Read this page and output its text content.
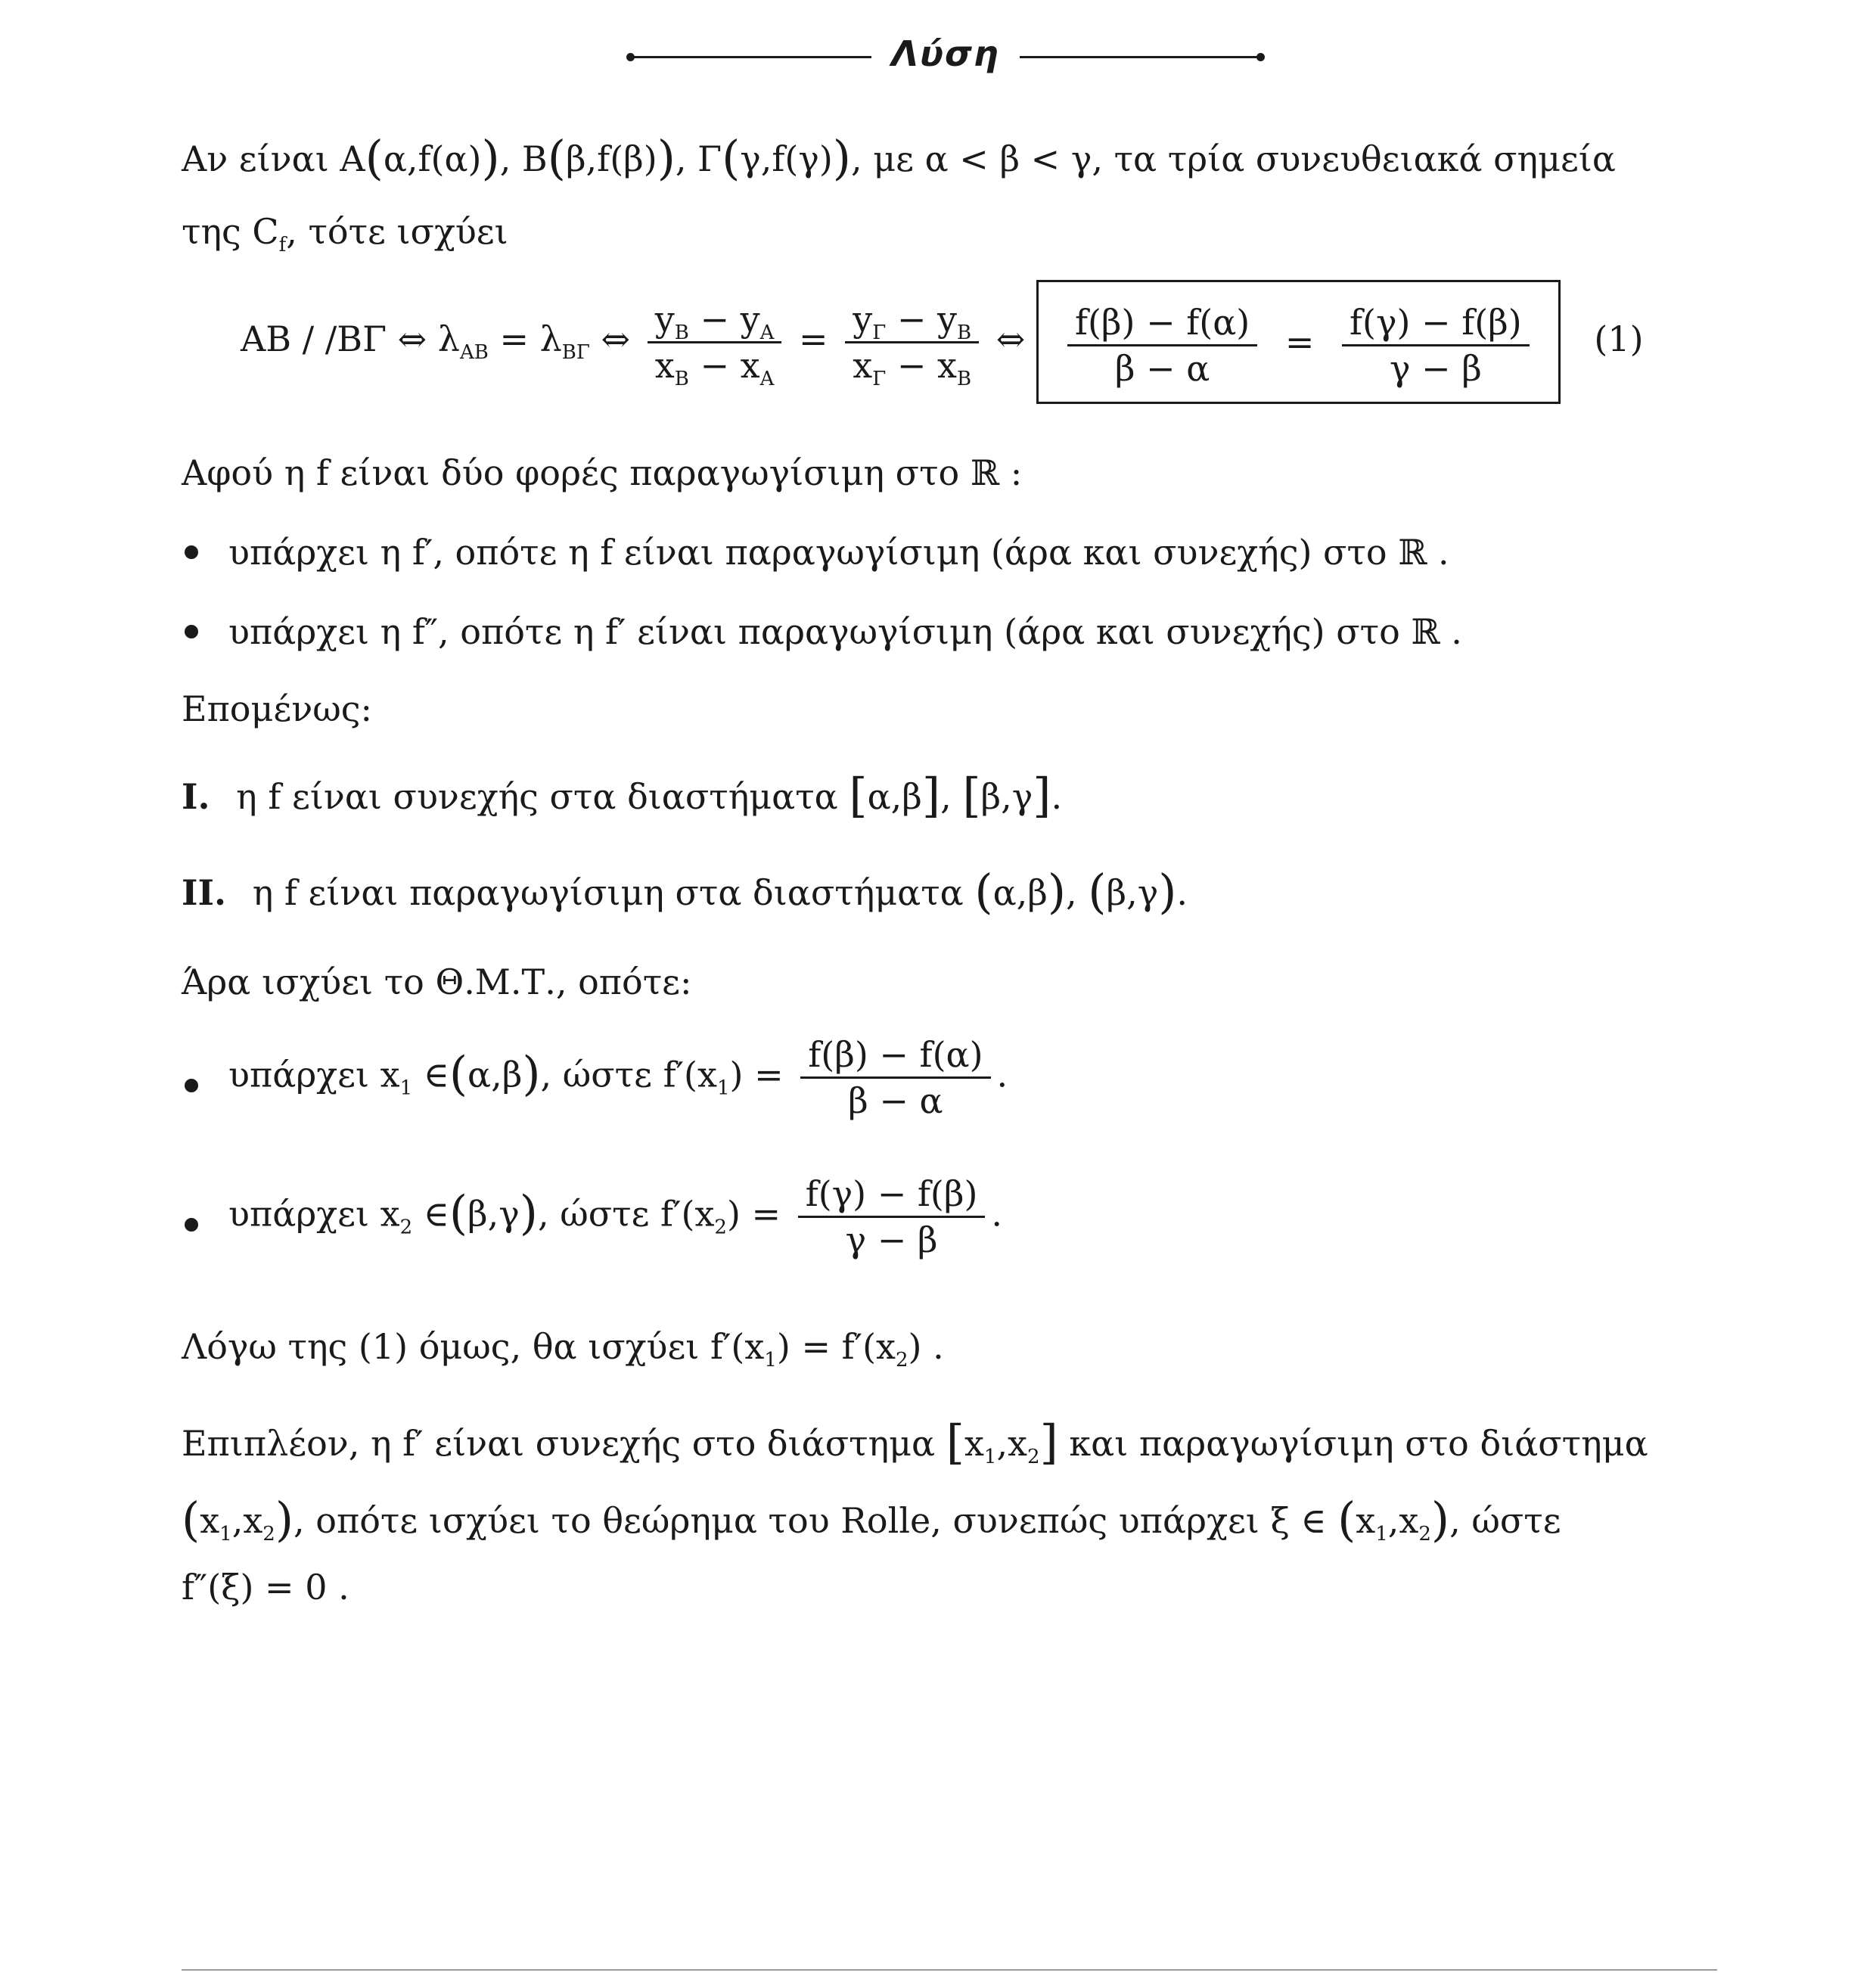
Λύση
Αν είναι Α(α,f(α)), Β(β,f(β)), Γ(γ,f(γ)), με α < β < γ, τα τρία συνευθειακά σημεία
της $C_f$, τότε ισχύει
ΑΒ / /ΒΓ ⇔ $\lambda_{AB} = \lambda_{B\Gamma}$ ⇔ $\frac{y_B - y_A}{x_B - x_A} = \frac{y_\Gamma - y_B}{x_\Gamma - x_B}$ ⇔ $\frac{f(\beta) - f(\alpha)}{\beta - \alpha} = \frac{f(\gamma) - f(\beta)}{\gamma - \beta} (1)$
Αφού η f είναι δύο φορές παραγωγίσιμη στο ℝ :
υπάρχει η f′, οπότε η f είναι παραγωγίσιμη (άρα και συνεχής) στο ℝ .
υπάρχει η f″, οπότε η f′ είναι παραγωγίσιμη (άρα και συνεχής) στο ℝ .
Επομένως:
I. η f είναι συνεχής στα διαστήματα [α,β], [β,γ].
II. η f είναι παραγωγίσιμη στα διαστήματα (α,β), (β,γ).
Άρα ισχύει το Θ.Μ.Τ., οπότε:
υπάρχει $x_1$ ∈(α,β), ώστε $f'(x_1) = \frac{f(\beta) - f(\alpha)}{\beta - \alpha}$ .
υπάρχει $x_2$ ∈(β,γ), ώστε $f'(x_2) = \frac{f(\gamma) - f(\beta)}{\gamma - \beta}$ .
Λόγω της (1) όμως, θα ισχύει $f'(x_1) = f'(x_2)$ .
Επιπλέον, η f′ είναι συνεχής στο διάστημα $[x_1,x_2]$ και παραγωγίσιμη στο διάστημα
$(x_1,x_2)$, οπότε ισχύει το θεώρημα του Rolle, συνεπώς υπάρχει ξ ∈ $(x_1,x_2)$, ώστε
f″(ξ) = 0 .
